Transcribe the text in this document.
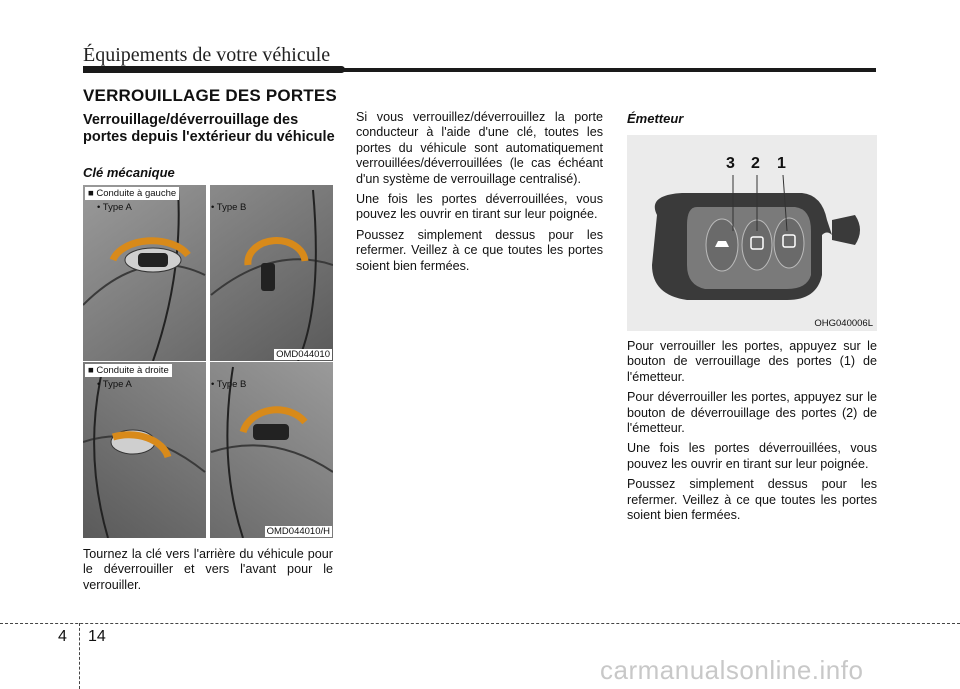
Équipements de votre véhicule
VERROUILLAGE DES PORTES
Verrouillage/déverrouillage des portes depuis l'extérieur du véhicule
Clé mécanique
■ Conduite à gauche
• Type A	• Type B
OMD044010
■ Conduite à droite
• Type A	• Type B
OMD044010/H

Tournez la clé vers l'arrière du véhicule pour le déverrouiller et vers l'avant pour le verrouiller.

Si vous verrouillez/déverrouillez la porte conducteur à l'aide d'une clé, toutes les portes du véhicule sont automatiquement verrouillées/déverrouillées (le cas échéant d'un système de verrouillage centralisé).

Une fois les portes déverrouillées, vous pouvez les ouvrir en tirant sur leur poignée.

Poussez simplement dessus pour les refermer. Veillez à ce que toutes les portes soient bien fermées.

Émetteur
3 2 1
OHG040006L

Pour verrouiller les portes, appuyez sur le bouton de verrouillage des portes (1) de l'émetteur.

Pour déverrouiller les portes, appuyez sur le bouton de déverrouillage des portes (2) de l'émetteur.

Une fois les portes déverrouillées, vous pouvez les ouvrir en tirant sur leur poignée.

Poussez simplement dessus pour les refermer. Veillez à ce que toutes les portes soient bien fermées.

4 14
carmanualsonline.info
